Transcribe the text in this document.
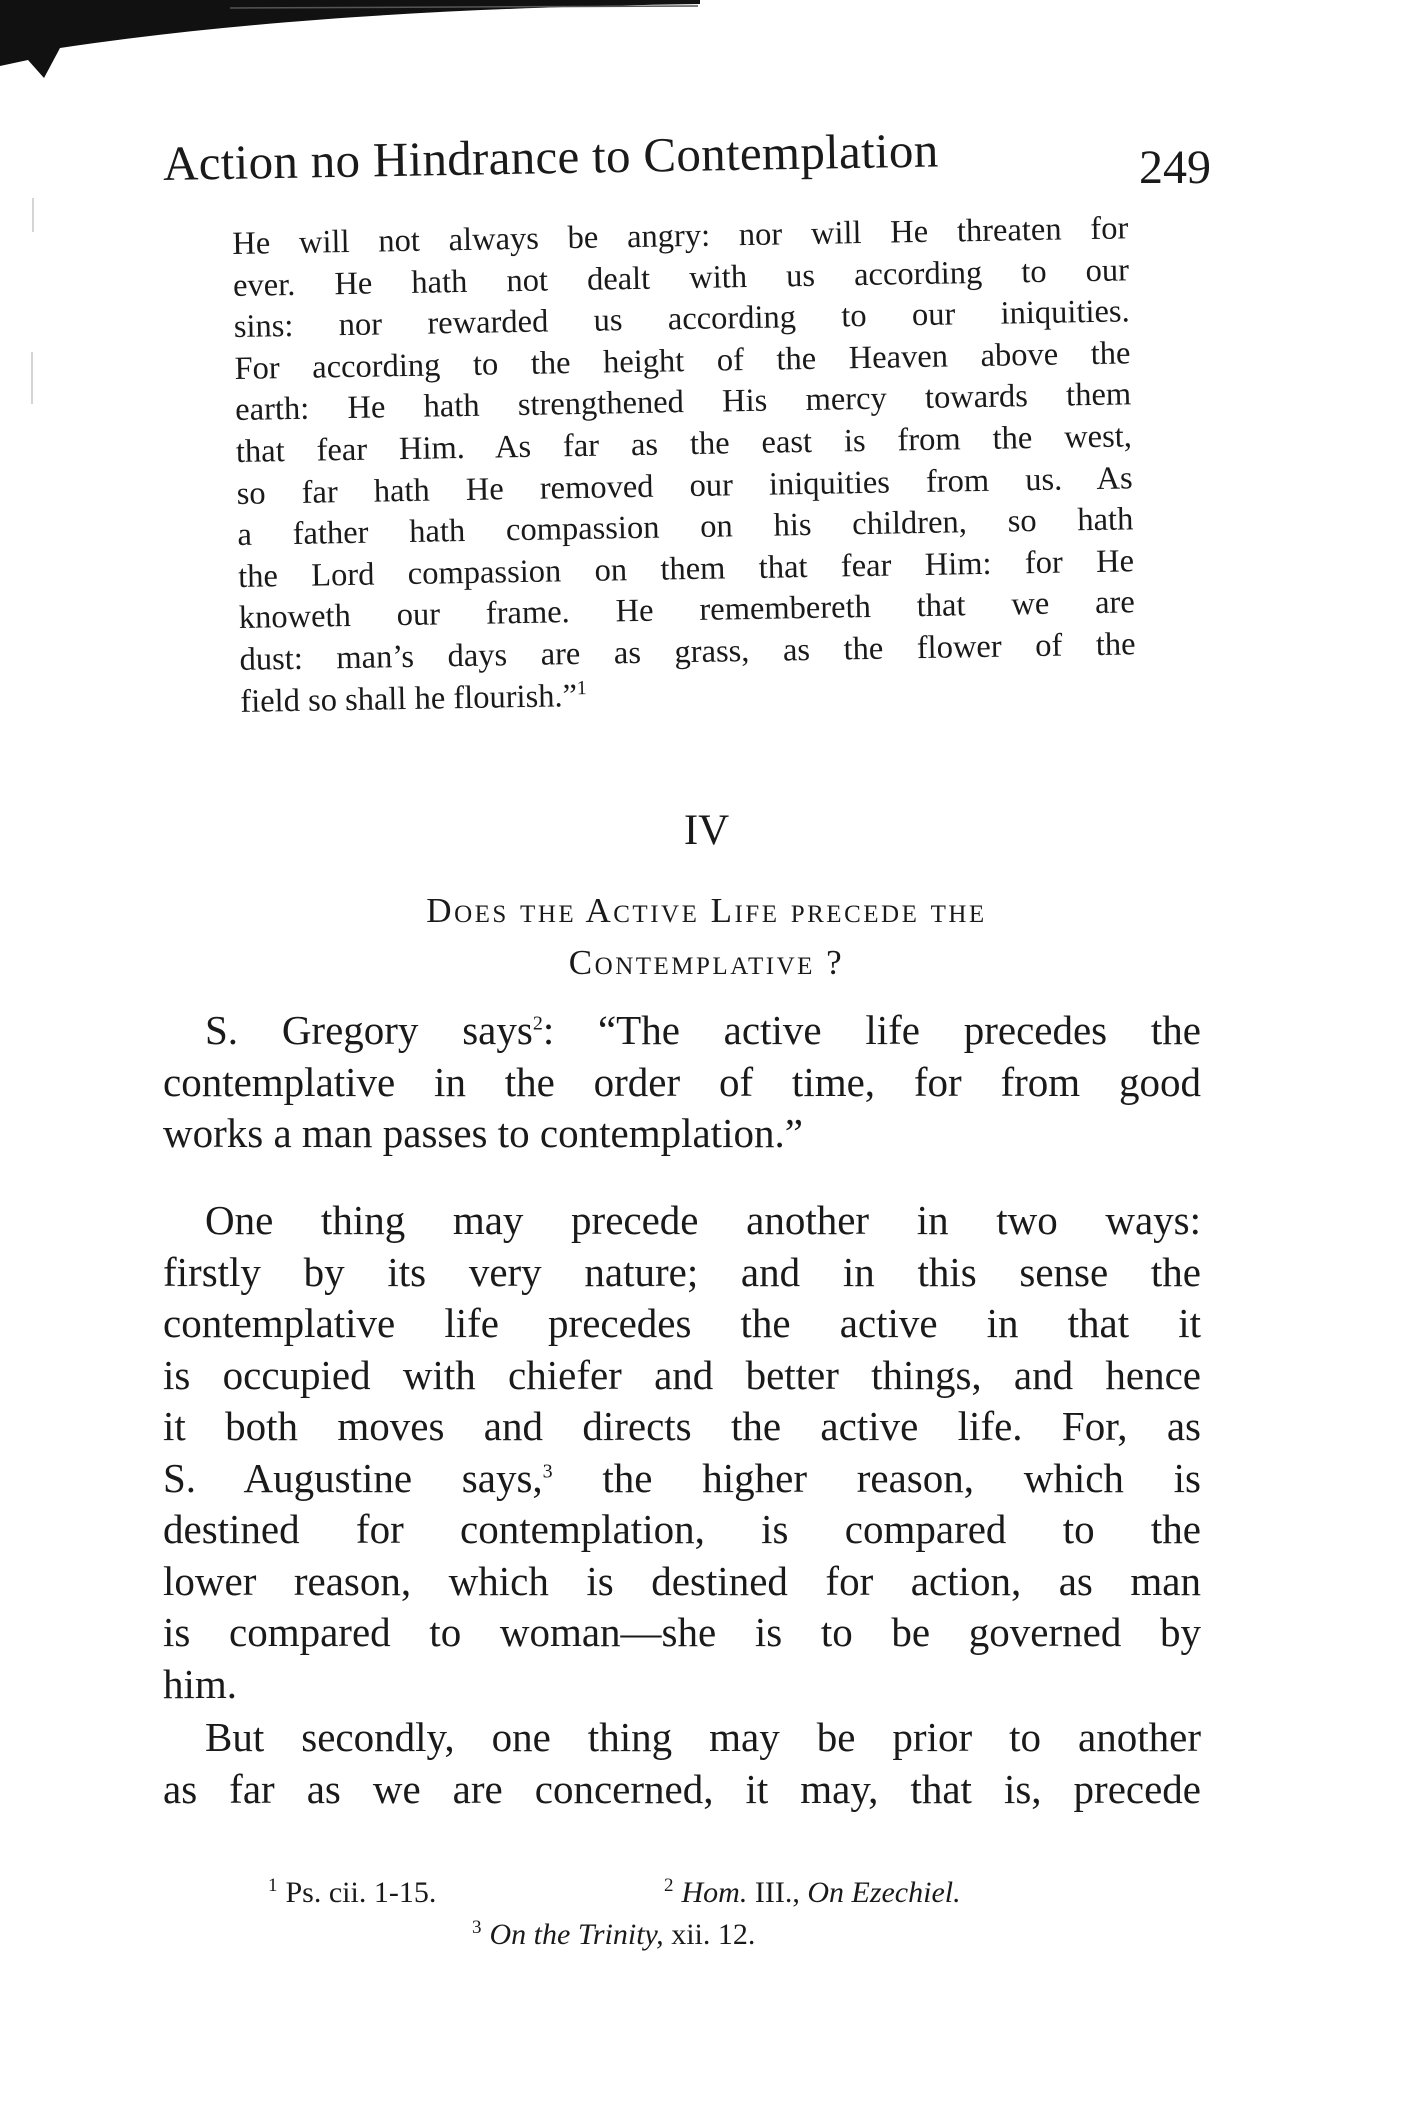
Action no Hindrance to Contemplation	249
He will not always be angry: nor will He threaten for
ever. He hath not dealt with us according to our
sins: nor rewarded us according to our iniquities.
For according to the height of the Heaven above the
earth: He hath strengthened His mercy towards them
that fear Him. As far as the east is from the west,
so far hath He removed our iniquities from us. As
a father hath compassion on his children, so hath
the Lord compassion on them that fear Him: for He
knoweth our frame. He remembereth that we are
dust: man’s days are as grass, as the flower of the
field so shall he flourish.”$^1$
IV
Does the Active Life precede the
Contemplative ?
S. Gregory says$^2$: “The active life precedes the
contemplative in the order of time, for from good
works a man passes to contemplation.”
One thing may precede another in two ways:
firstly by its very nature; and in this sense the
contemplative life precedes the active in that it
is occupied with chiefer and better things, and hence
it both moves and directs the active life. For, as
S. Augustine says,$^3$ the higher reason, which is
destined for contemplation, is compared to the
lower reason, which is destined for action, as man
is compared to woman—she is to be governed by
him.
But secondly, one thing may be prior to another
as far as we are concerned, it may, that is, precede
$^1$ Ps. cii. 1-15.	$^2$ Hom. III., On Ezechiel.
$^3$ On the Trinity, xii. 12.
